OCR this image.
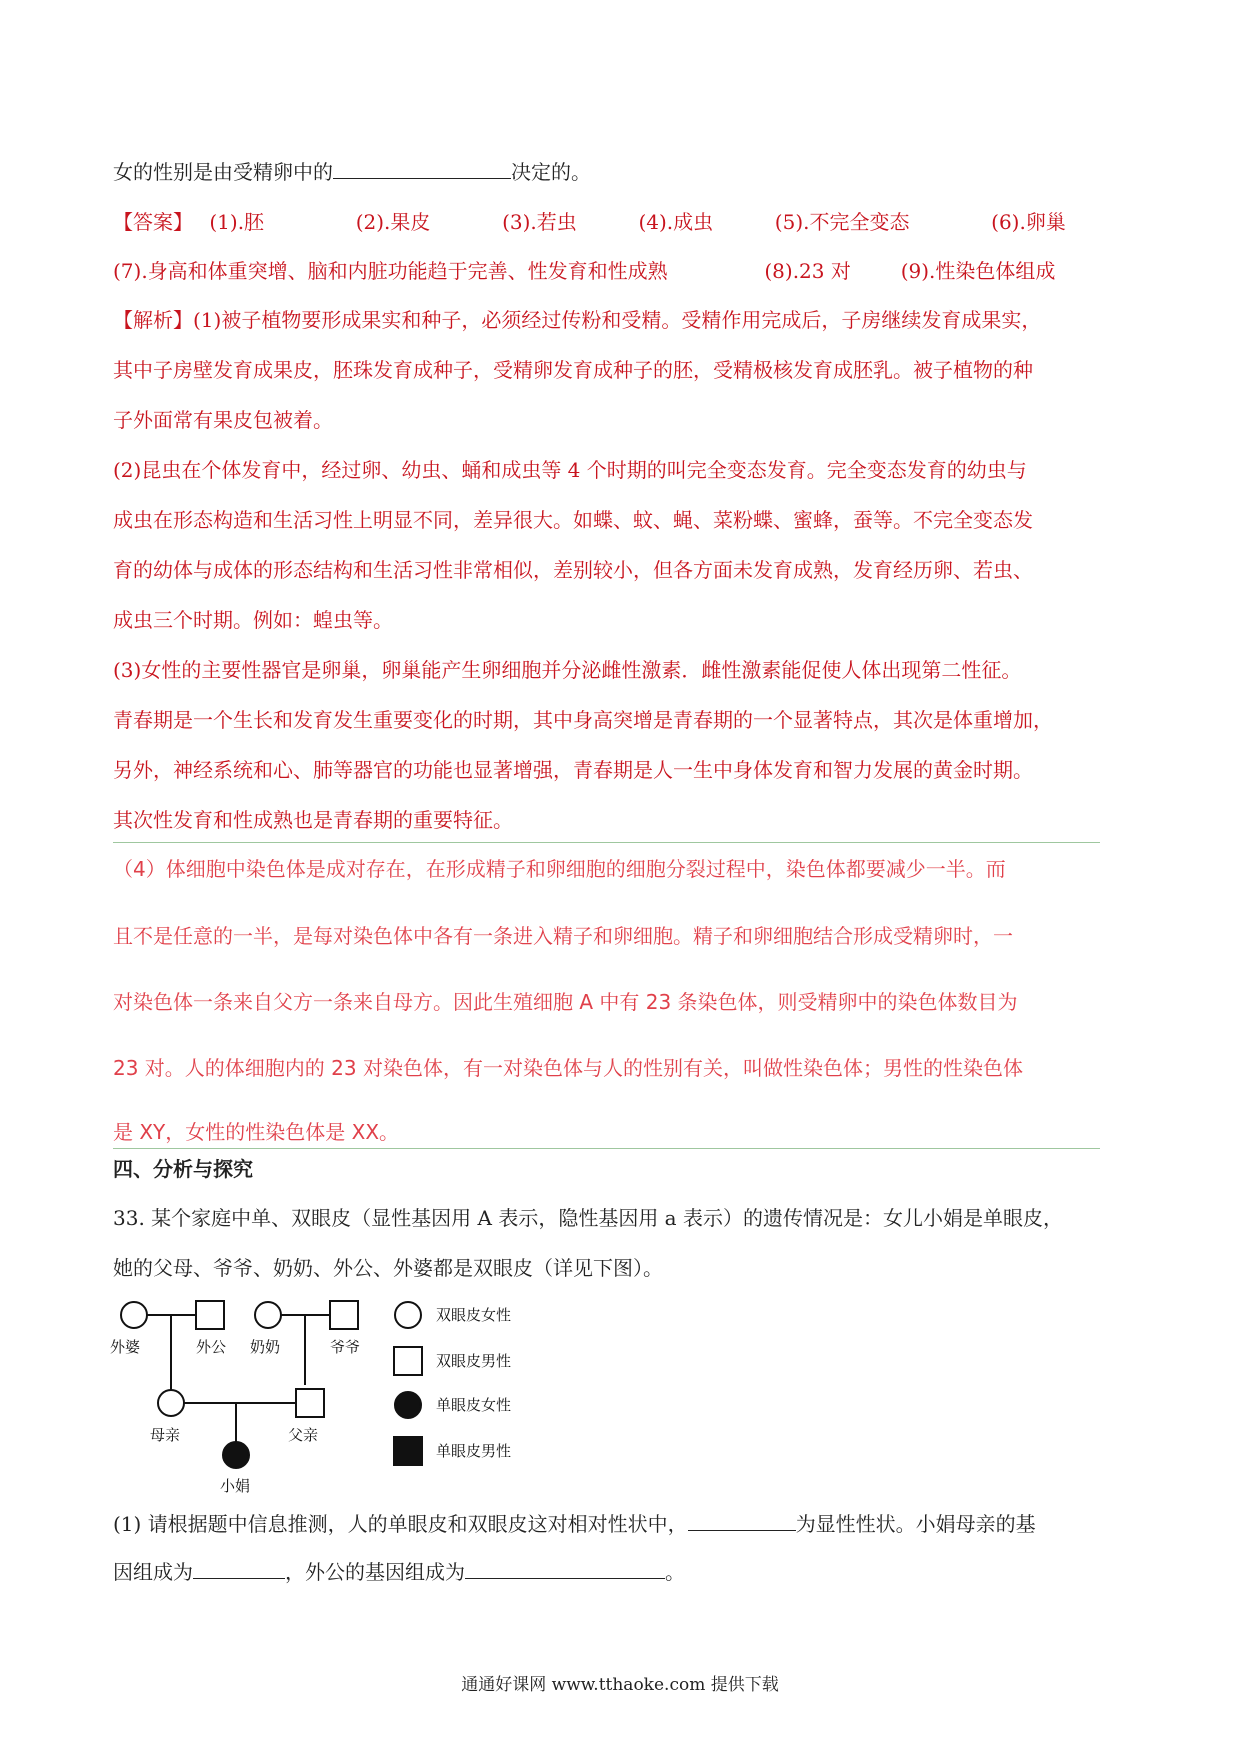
女的性别是由受精卵中的	决定的。
【答案】 (1).胚	(2).果皮	(3).若虫	(4).成虫	(5).不完全变态	(6).卵巢
(7).身高和体重突增、脑和内脏功能趋于完善、性发育和性成熟	(8).23 对 (9).性染色体组成
【解析】(1)被子植物要形成果实和种子，必须经过传粉和受精。受精作用完成后，子房继续发育成果实，
其中子房壁发育成果皮，胚珠发育成种子，受精卵发育成种子的胚，受精极核发育成胚乳。被子植物的种
子外面常有果皮包被着。
(2)昆虫在个体发育中，经过卵、幼虫、蛹和成虫等 4 个时期的叫完全变态发育。完全变态发育的幼虫与
成虫在形态构造和生活习性上明显不同，差异很大。如蝶、蚊、蝇、菜粉蝶、蜜蜂，蚕等。不完全变态发
育的幼体与成体的形态结构和生活习性非常相似，差别较小，但各方面未发育成熟，发育经历卵、若虫、
成虫三个时期。例如：蝗虫等。
(3)女性的主要性器官是卵巢，卵巢能产生卵细胞并分泌雌性激素．雌性激素能促使人体出现第二性征。
青春期是一个生长和发育发生重要变化的时期，其中身高突增是青春期的一个显著特点，其次是体重增加，
另外，神经系统和心、肺等器官的功能也显著增强，青春期是人一生中身体发育和智力发展的黄金时期。
其次性发育和性成熟也是青春期的重要特征。
（4）体细胞中染色体是成对存在，在形成精子和卵细胞的细胞分裂过程中，染色体都要减少一半。而
且不是任意的一半，是每对染色体中各有一条进入精子和卵细胞。精子和卵细胞结合形成受精卵时，一
对染色体一条来自父方一条来自母方。因此生殖细胞 A 中有 23 条染色体，则受精卵中的染色体数目为
23 对。人的体细胞内的 23 对染色体，有一对染色体与人的性别有关，叫做性染色体；男性的性染色体
是 XY，女性的性染色体是 XX。
四、分析与探究
33. 某个家庭中单、双眼皮（显性基因用 A 表示，隐性基因用 a 表示）的遗传情况是：女儿小娟是单眼皮，
她的父母、爷爷、奶奶、外公、外婆都是双眼皮（详见下图）。
外婆	外公 奶奶	爷爷
母亲	父亲
小娟
双眼皮女性
双眼皮男性
单眼皮女性
单眼皮男性
(1) 请根据题中信息推测，人的单眼皮和双眼皮这对相对性状中，	为显性性状。小娟母亲的基
因组成为	，外公的基因组成为	。
通通好课网 www.tthaoke.com 提供下载
